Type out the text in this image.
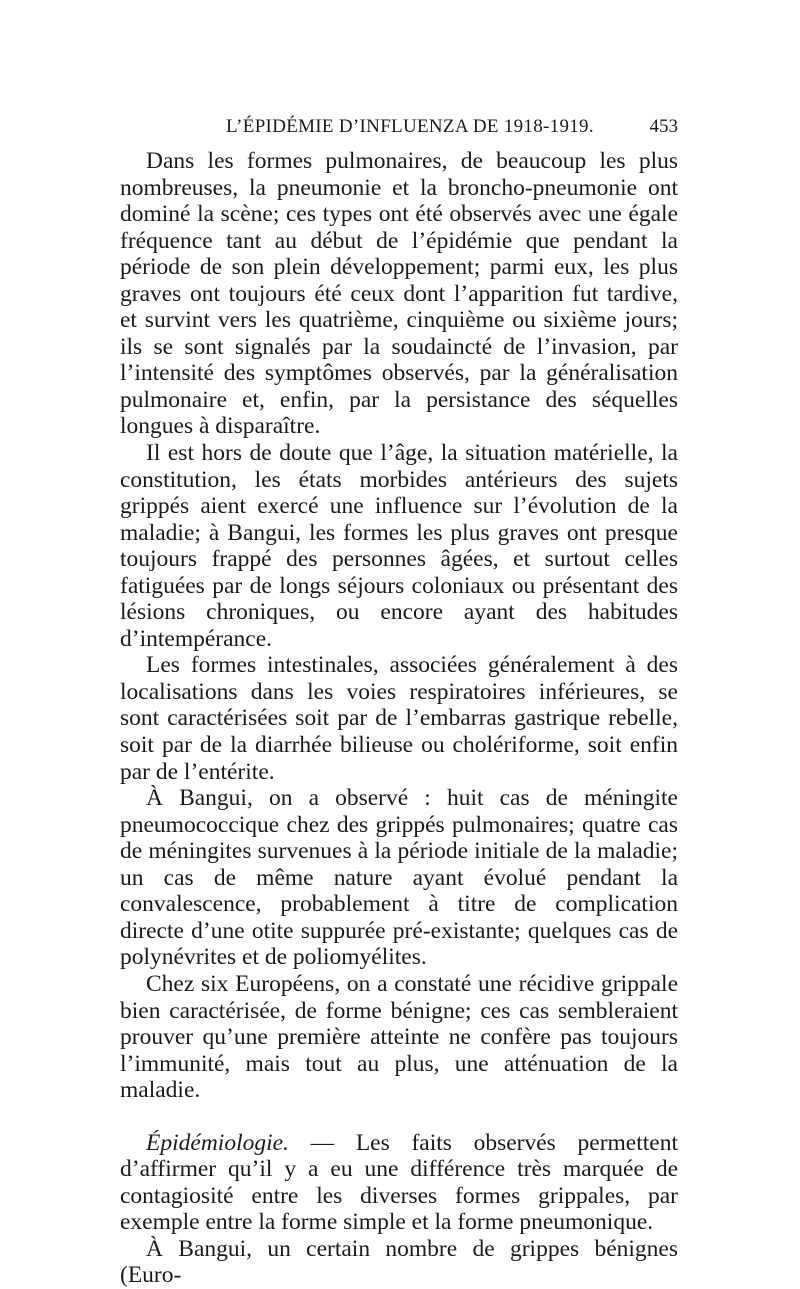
L’ÉPIDÉMIE D’INFLUENZA DE 1918-1919.	453

Dans les formes pulmonaires, de beaucoup les plus nombreuses, la pneumonie et la broncho-pneumonie ont dominé la scène; ces types ont été observés avec une égale fréquence tant au début de l’épidémie que pendant la période de son plein développement; parmi eux, les plus graves ont toujours été ceux dont l’apparition fut tardive, et survint vers les quatrième, cinquième ou sixième jours; ils se sont signalés par la soudaincté de l’invasion, par l’intensité des symptômes observés, par la généralisation pulmonaire et, enfin, par la persistance des séquelles longues à disparaître.

Il est hors de doute que l’âge, la situation matérielle, la constitution, les états morbides antérieurs des sujets grippés aient exercé une influence sur l’évolution de la maladie; à Bangui, les formes les plus graves ont presque toujours frappé des personnes âgées, et surtout celles fatiguées par de longs séjours coloniaux ou présentant des lésions chroniques, ou encore ayant des habitudes d’intempérance.

Les formes intestinales, associées généralement à des localisations dans les voies respiratoires inférieures, se sont caractérisées soit par de l’embarras gastrique rebelle, soit par de la diarrhée bilieuse ou cholériforme, soit enfin par de l’entérite.

À Bangui, on a observé : huit cas de méningite pneumococcique chez des grippés pulmonaires; quatre cas de méningites survenues à la période initiale de la maladie; un cas de même nature ayant évolué pendant la convalescence, probablement à titre de complication directe d’une otite suppurée pré-existante; quelques cas de polynévrites et de poliomyélites.

Chez six Européens, on a constaté une récidive grippale bien caractérisée, de forme bénigne; ces cas sembleraient prouver qu’une première atteinte ne confère pas toujours l’immunité, mais tout au plus, une atténuation de la maladie.

Épidémiologie. — Les faits observés permettent d’affirmer qu’il y a eu une différence très marquée de contagiosité entre les diverses formes grippales, par exemple entre la forme simple et la forme pneumonique.

À Bangui, un certain nombre de grippes bénignes (Euro-
